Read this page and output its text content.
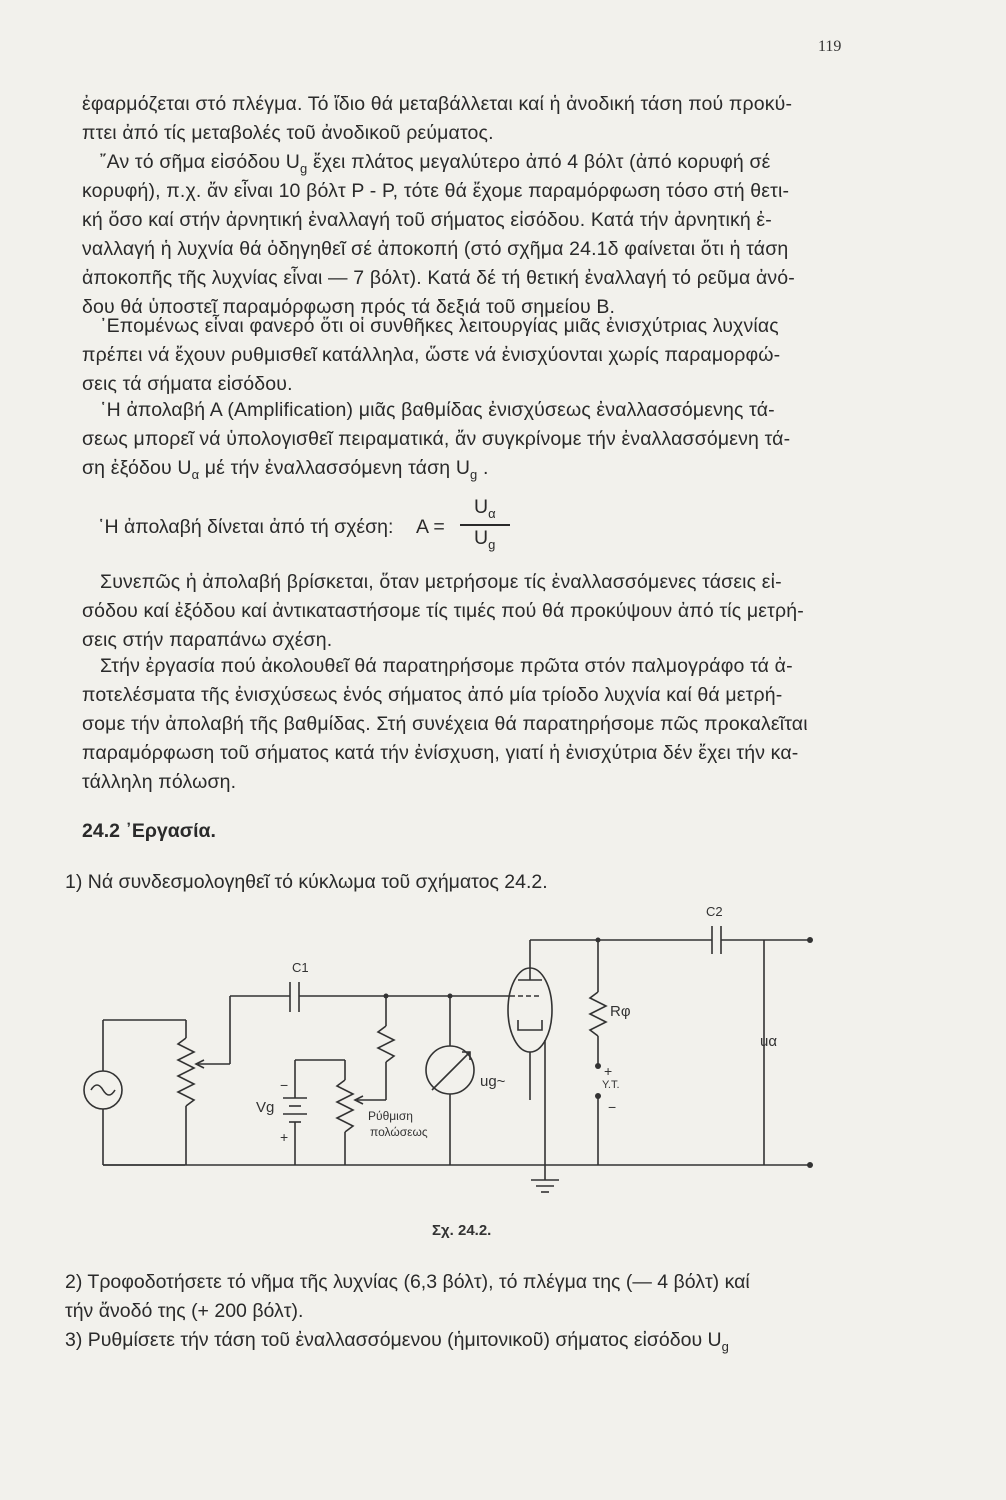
119
ἐφαρμόζεται στό πλέγμα. Τό ἴδιο θά μεταβάλλεται καί ἡ ἀνοδική τάση πού προκύ-
πτει ἀπό τίς μεταβολές τοῦ ἀνοδικοῦ ρεύματος.
῎Αν τό σῆμα εἰσόδου $U_g$ ἔχει πλάτος μεγαλύτερο ἀπό 4 βόλτ (ἀπό κορυφή σέ
κορυφή), π.χ. ἄν εἶναι 10 βόλτ Ρ - Ρ, τότε θά ἔχομε παραμόρφωση τόσο στή θετι-
κή ὅσο καί στήν ἀρνητική ἐναλλαγή τοῦ σήματος εἰσόδου. Κατά τήν ἀρνητική ἐ-
ναλλαγή ἡ λυχνία θά ὁδηγηθεῖ σέ ἀποκοπή (στό σχῆμα 24.1δ φαίνεται ὅτι ἡ τάση
ἀποκοπῆς τῆς λυχνίας εἶναι — 7 βόλτ). Κατά δέ τή θετική ἐναλλαγή τό ρεῦμα ἀνό-
δου θά ὑποστεῖ παραμόρφωση πρός τά δεξιά τοῦ σημείου Β.
᾿Επομένως εἶναι φανερό ὅτι οἱ συνθῆκες λειτουργίας μιᾶς ἐνισχύτριας λυχνίας
πρέπει νά ἔχουν ρυθμισθεῖ κατάλληλα, ὥστε νά ἐνισχύονται χωρίς παραμορφώ-
σεις τά σήματα εἰσόδου.
῾Η ἀπολαβή Α (Amplification) μιᾶς βαθμίδας ἐνισχύσεως ἐναλλασσόμενης τά-
σεως μπορεῖ νά ὑπολογισθεῖ πειραματικά, ἄν συγκρίνομε τήν ἐναλλασσόμενη τά-
ση ἐξόδου $U_\alpha$ μέ τήν ἐναλλασσόμενη τάση $U_g$ .
῾Η ἀπολαβή δίνεται ἀπό τή σχέση: A =
$U_\alpha$
$U_g$
Συνεπῶς ἡ ἀπολαβή βρίσκεται, ὅταν μετρήσομε τίς ἐναλλασσόμενες τάσεις εἰ-
σόδου καί ἐξόδου καί ἀντικαταστήσομε τίς τιμές πού θά προκύψουν ἀπό τίς μετρή-
σεις στήν παραπάνω σχέση.
Στήν ἐργασία πού ἀκολουθεῖ θά παρατηρήσομε πρῶτα στόν παλμογράφο τά ἀ-
ποτελέσματα τῆς ἐνισχύσεως ἑνός σήματος ἀπό μία τρίοδο λυχνία καί θά μετρή-
σομε τήν ἀπολαβή τῆς βαθμίδας. Στή συνέχεια θά παρατηρήσομε πῶς προκαλεῖται
παραμόρφωση τοῦ σήματος κατά τήν ἐνίσχυση, γιατί ἡ ἐνισχύτρια δέν ἔχει τήν κα-
τάλληλη πόλωση.
24.2 ᾿Εργασία.
1) Νά συνδεσμολογηθεῖ τό κύκλωμα τοῦ σχήματος 24.2.
C1
C2
Rφ
uα
ug~
Vg
−
+
+
Υ.Τ.
−
Ρύθμιση
πολώσεως
Σχ. 24.2.
2) Τροφοδοτήσετε τό νῆμα τῆς λυχνίας (6,3 βόλτ), τό πλέγμα της (— 4 βόλτ) καί
τήν ἄνοδό της (+ 200 βόλτ).
3) Ρυθμίσετε τήν τάση τοῦ ἐναλλασσόμενου (ἡμιτονικοῦ) σήματος εἰσόδου $U_g$
